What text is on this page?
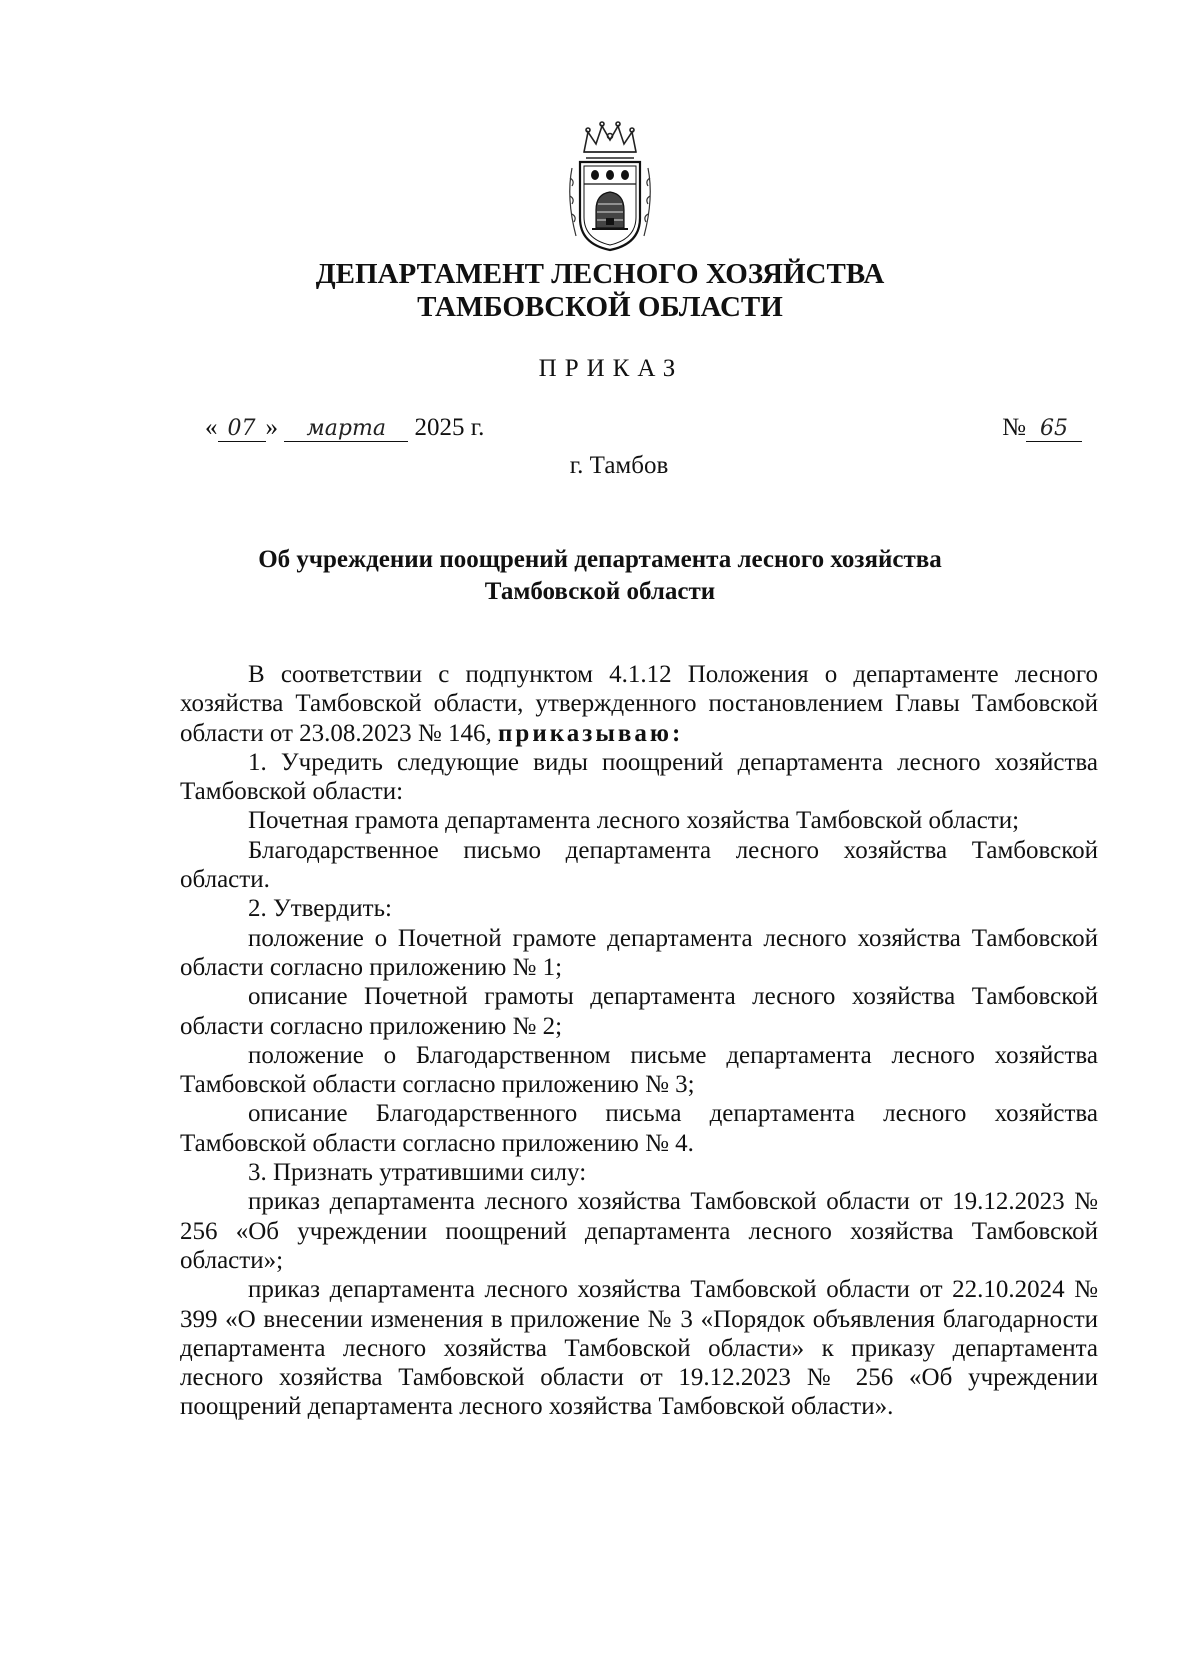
ДЕПАРТАМЕНТ ЛЕСНОГО ХОЗЯЙСТВА
ТАМБОВСКОЙ ОБЛАСТИ
ПРИКАЗ
« 07 » марта 2025 г.	№ 65
г. Тамбов
Об учреждении поощрений департамента лесного хозяйства
Тамбовской области

В соответствии с подпунктом 4.1.12 Положения о департаменте лесного хозяйства Тамбовской области, утвержденного постановлением Главы Тамбовской области от 23.08.2023 № 146, приказываю:

1. Учредить следующие виды поощрений департамента лесного хозяйства Тамбовской области:

Почетная грамота департамента лесного хозяйства Тамбовской области;

Благодарственное письмо департамента лесного хозяйства Тамбовской области.

2. Утвердить:

положение о Почетной грамоте департамента лесного хозяйства Тамбовской области согласно приложению № 1;

описание Почетной грамоты департамента лесного хозяйства Тамбовской области согласно приложению № 2;

положение о Благодарственном письме департамента лесного хозяйства Тамбовской области согласно приложению № 3;

описание Благодарственного письма департамента лесного хозяйства Тамбовской области согласно приложению № 4.

3. Признать утратившими силу:

приказ департамента лесного хозяйства Тамбовской области от 19.12.2023 № 256 «Об учреждении поощрений департамента лесного хозяйства Тамбовской области»;

приказ департамента лесного хозяйства Тамбовской области от 22.10.2024 № 399 «О внесении изменения в приложение № 3 «Порядок объявления благодарности департамента лесного хозяйства Тамбовской области» к приказу департамента лесного хозяйства Тамбовской области от 19.12.2023 № 256 «Об учреждении поощрений департамента лесного хозяйства Тамбовской области».
